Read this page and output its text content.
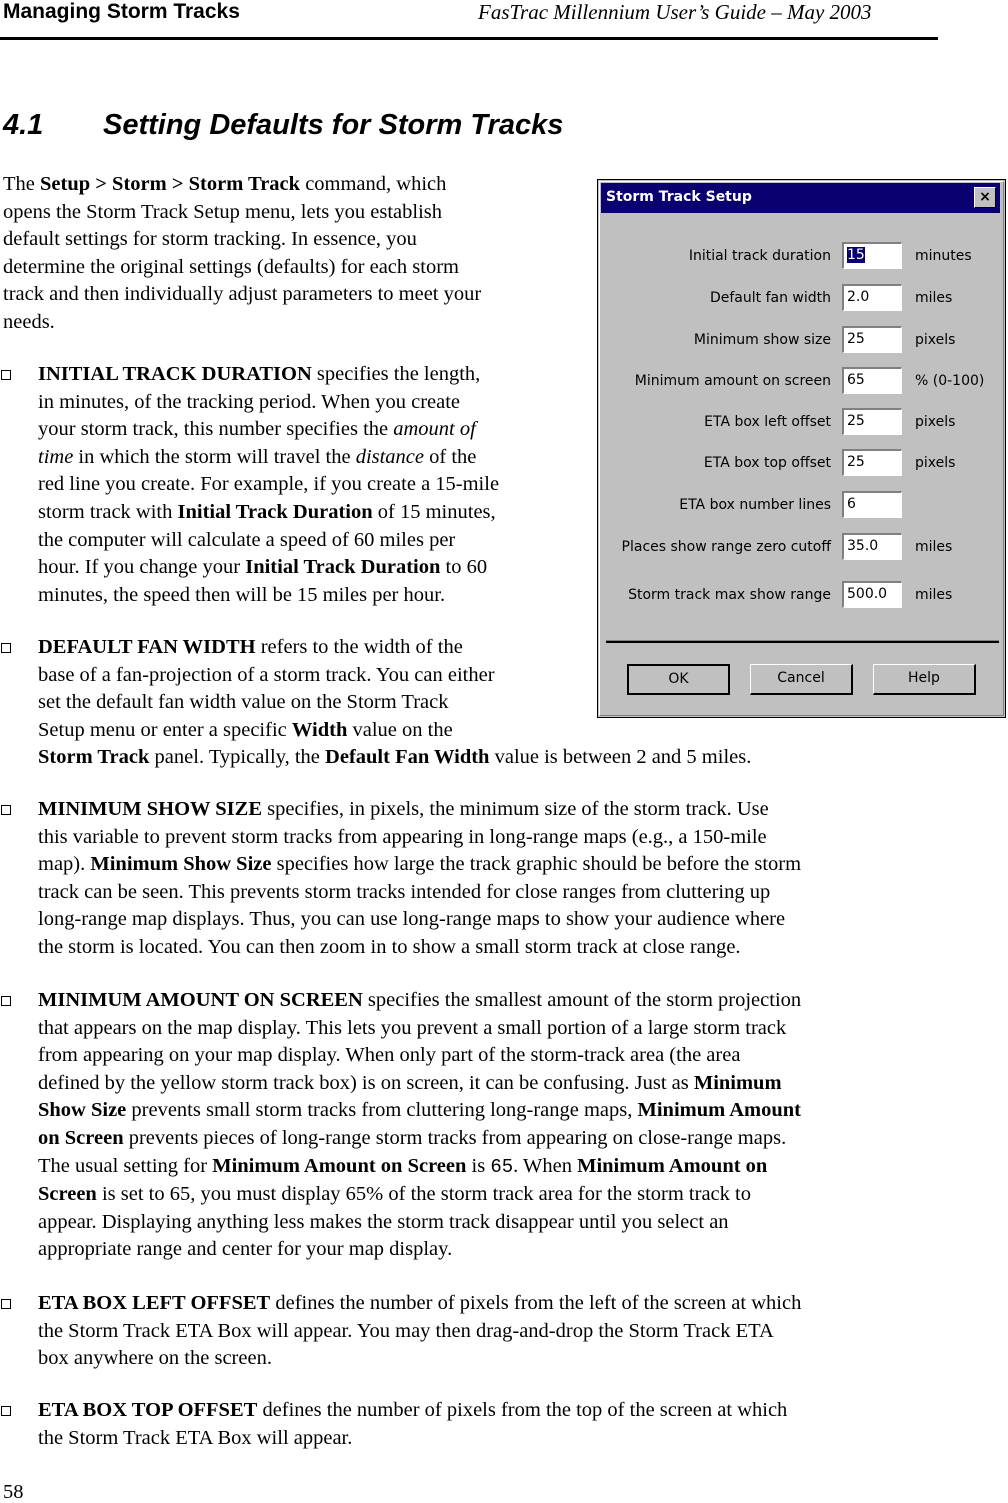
Managing Storm Tracks	FasTrac Millennium User’s Guide – May 2003
4.1 Setting Defaults for Storm Tracks
The Setup > Storm > Storm Track command, which
opens the Storm Track Setup menu, lets you establish
default settings for storm tracking. In essence, you
determine the original settings (defaults) for each storm
track and then individually adjust parameters to meet your
needs.
INITIAL TRACK DURATION specifies the length,
in minutes, of the tracking period. When you create
your storm track, this number specifies the amount of
time in which the storm will travel the distance of the
red line you create. For example, if you create a 15-mile
storm track with Initial Track Duration of 15 minutes,
the computer will calculate a speed of 60 miles per
hour. If you change your Initial Track Duration to 60
minutes, the speed then will be 15 miles per hour.
DEFAULT FAN WIDTH refers to the width of the
base of a fan-projection of a storm track. You can either
set the default fan width value on the Storm Track
Setup menu or enter a specific Width value on the
Storm Track panel. Typically, the Default Fan Width value is between 2 and 5 miles.
MINIMUM SHOW SIZE specifies, in pixels, the minimum size of the storm track. Use
this variable to prevent storm tracks from appearing in long-range maps (e.g., a 150-mile
map). Minimum Show Size specifies how large the track graphic should be before the storm
track can be seen. This prevents storm tracks intended for close ranges from cluttering up
long-range map displays. Thus, you can use long-range maps to show your audience where
the storm is located. You can then zoom in to show a small storm track at close range.
MINIMUM AMOUNT ON SCREEN specifies the smallest amount of the storm projection
that appears on the map display. This lets you prevent a small portion of a large storm track
from appearing on your map display. When only part of the storm-track area (the area
defined by the yellow storm track box) is on screen, it can be confusing. Just as Minimum
Show Size prevents small storm tracks from cluttering long-range maps, Minimum Amount
on Screen prevents pieces of long-range storm tracks from appearing on close-range maps.
The usual setting for Minimum Amount on Screen is 65. When Minimum Amount on
Screen is set to 65, you must display 65% of the storm track area for the storm track to
appear. Displaying anything less makes the storm track disappear until you select an
appropriate range and center for your map display.
ETA BOX LEFT OFFSET defines the number of pixels from the left of the screen at which
the Storm Track ETA Box will appear. You may then drag-and-drop the Storm Track ETA
box anywhere on the screen.
ETA BOX TOP OFFSET defines the number of pixels from the top of the screen at which
the Storm Track ETA Box will appear.
58
Storm Track Setup	×
Initial track duration	15	minutes
Default fan width	2.0	miles
Minimum show size	25	pixels
Minimum amount on screen	65	% (0-100)
ETA box left offset	25	pixels
ETA box top offset	25	pixels
ETA box number lines	6
Places show range zero cutoff	35.0	miles
Storm track max show range	500.0	miles
OK	Cancel	Help
